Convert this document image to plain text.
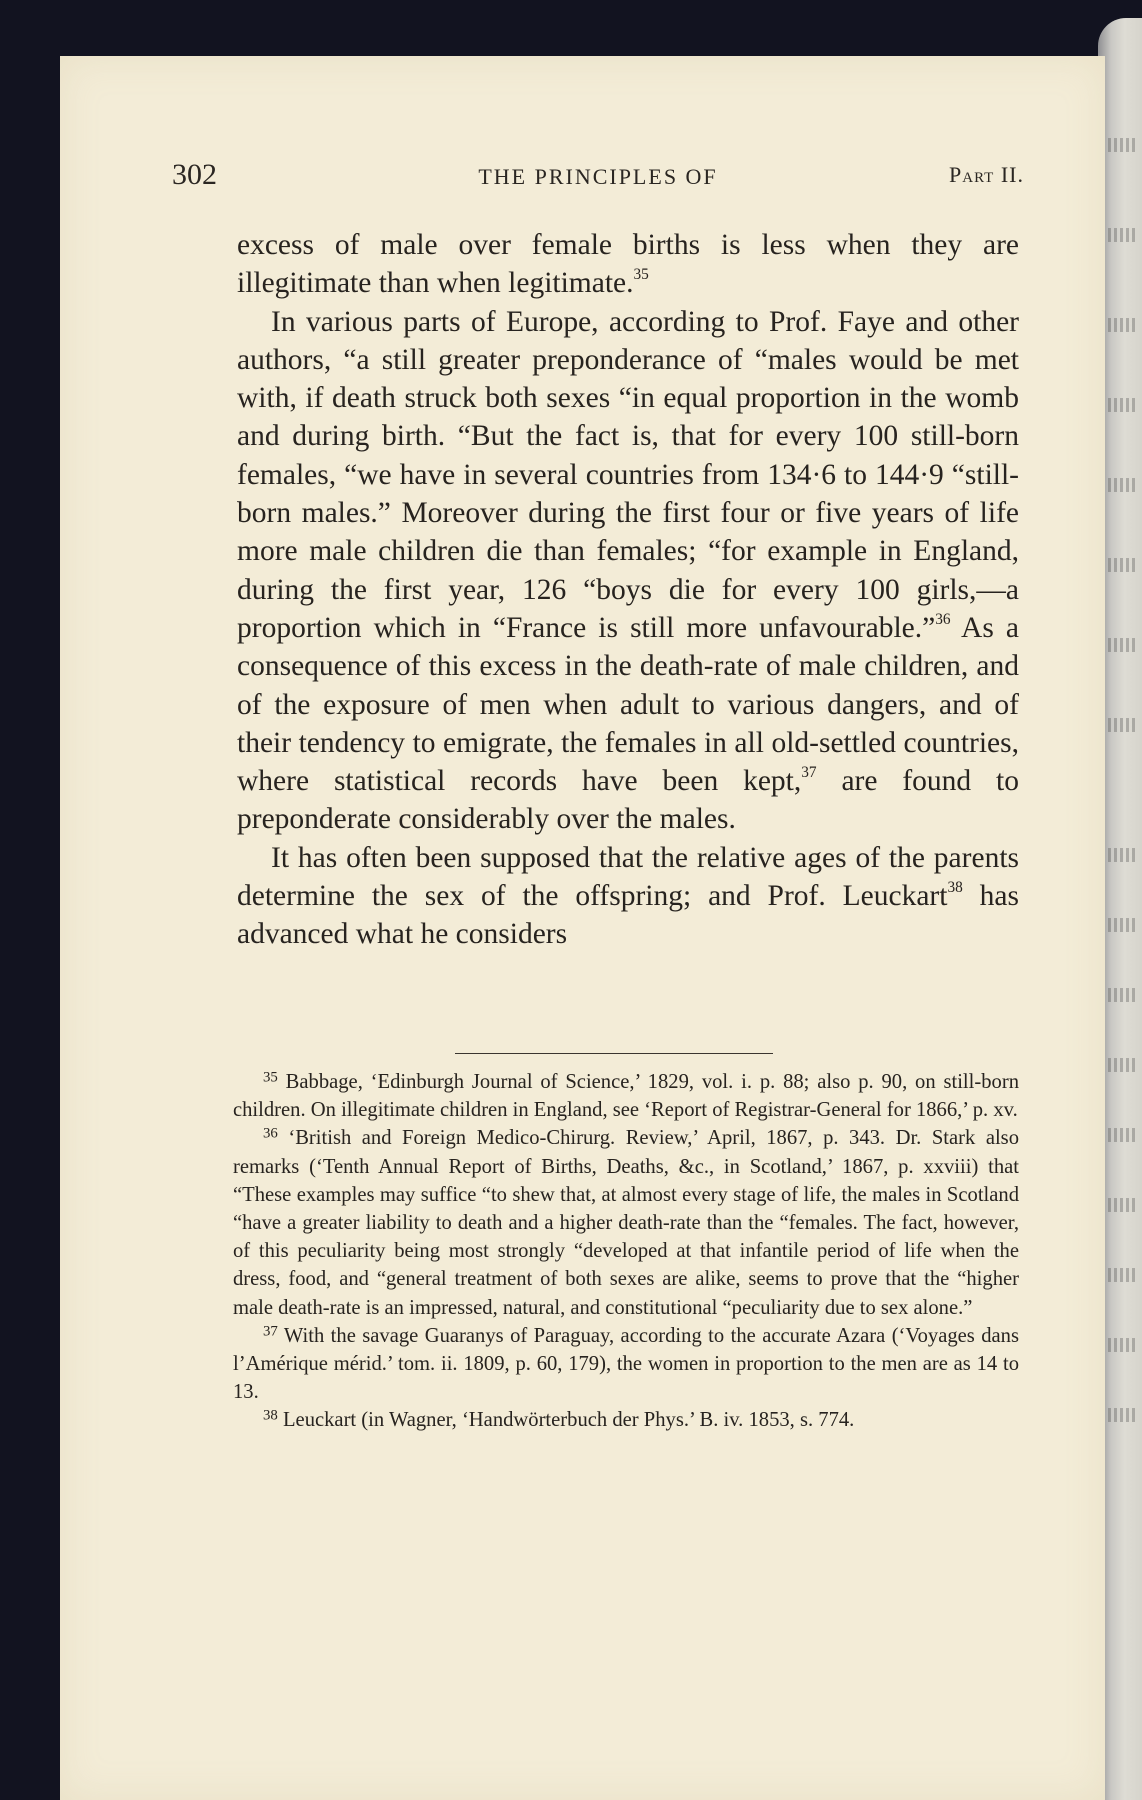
302	THE PRINCIPLES OF	Part II.

excess of male over female births is less when they are illegitimate than when legitimate.$^{35}$

In various parts of Europe, according to Prof. Faye and other authors, “a still greater preponderance of “males would be met with, if death struck both sexes “in equal proportion in the womb and during birth. “But the fact is, that for every 100 still-born females, “we have in several countries from 134·6 to 144·9 “still-born males.” Moreover during the first four or five years of life more male children die than females; “for example in England, during the first year, 126 “boys die for every 100 girls,—a proportion which in “France is still more unfavourable.”$^{36}$ As a consequence of this excess in the death-rate of male children, and of the exposure of men when adult to various dangers, and of their tendency to emigrate, the females in all old-settled countries, where statistical records have been kept,$^{37}$ are found to preponderate considerably over the males.

It has often been supposed that the relative ages of the parents determine the sex of the offspring; and Prof. Leuckart$^{38}$ has advanced what he considers

$^{35}$ Babbage, ‘Edinburgh Journal of Science,’ 1829, vol. i. p. 88; also p. 90, on still-born children. On illegitimate children in England, see ‘Report of Registrar-General for 1866,’ p. xv.

$^{36}$ ‘British and Foreign Medico-Chirurg. Review,’ April, 1867, p. 343. Dr. Stark also remarks (‘Tenth Annual Report of Births, Deaths, &c., in Scotland,’ 1867, p. xxviii) that “These examples may suffice “to shew that, at almost every stage of life, the males in Scotland “have a greater liability to death and a higher death-rate than the “females. The fact, however, of this peculiarity being most strongly “developed at that infantile period of life when the dress, food, and “general treatment of both sexes are alike, seems to prove that the “higher male death-rate is an impressed, natural, and constitutional “peculiarity due to sex alone.”

$^{37}$ With the savage Guaranys of Paraguay, according to the accurate Azara (‘Voyages dans l’Amérique mérid.’ tom. ii. 1809, p. 60, 179), the women in proportion to the men are as 14 to 13.

$^{38}$ Leuckart (in Wagner, ‘Handwörterbuch der Phys.’ B. iv. 1853, s. 774.
